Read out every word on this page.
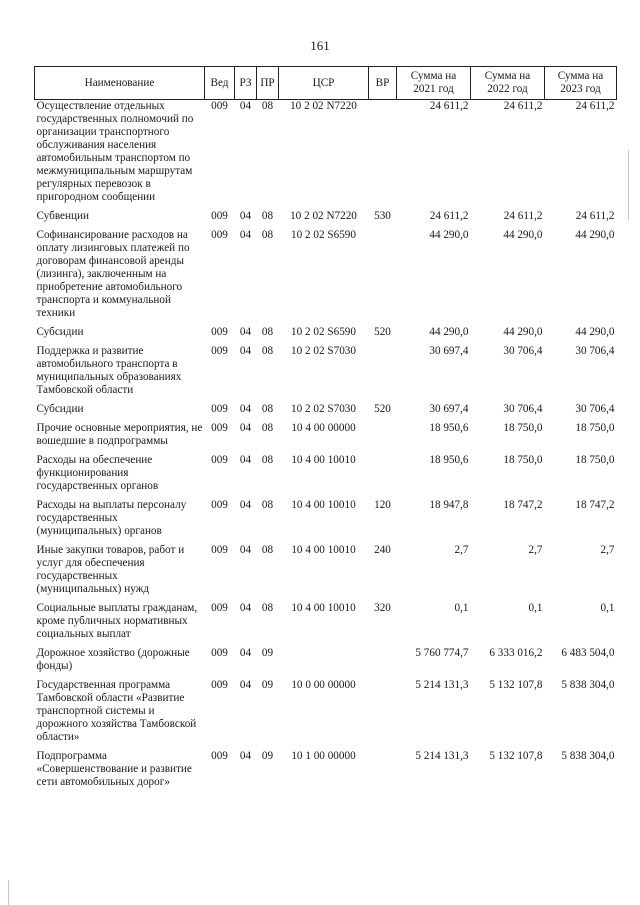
161
Наименование	Вед	РЗ	ПР	ЦСР	ВР	Сумма на 2021 год	Сумма на 2022 год	Сумма на 2023 год
Осуществление отдельных государственных полномочий по организации транспортного обслуживания населения автомобильным транспортом по межмуниципальным маршрутам регулярных перевозок в пригородном сообщении	009	04	08	10 2 02 N7220		24 611,2	24 611,2	24 611,2

Субвенции	009	04	08	10 2 02 N7220	530	24 611,2	24 611,2	24 611,2

Софинансирование расходов на оплату лизинговых платежей по договорам финансовой аренды (лизинга), заключенным на приобретение автомобильного транспорта и коммунальной техники	009	04	08	10 2 02 S6590		44 290,0	44 290,0	44 290,0

Субсидии	009	04	08	10 2 02 S6590	520	44 290,0	44 290,0	44 290,0

Поддержка и развитие автомобильного транспорта в муниципальных образованиях Тамбовской области	009	04	08	10 2 02 S7030		30 697,4	30 706,4	30 706,4

Субсидии	009	04	08	10 2 02 S7030	520	30 697,4	30 706,4	30 706,4

Прочие основные мероприятия, не вошедшие в подпрограммы	009	04	08	10 4 00 00000		18 950,6	18 750,0	18 750,0

Расходы на обеспечение функционирования государственных органов	009	04	08	10 4 00 10010		18 950,6	18 750,0	18 750,0

Расходы на выплаты персоналу государственных (муниципальных) органов	009	04	08	10 4 00 10010	120	18 947,8	18 747,2	18 747,2

Иные закупки товаров, работ и услуг для обеспечения государственных (муниципальных) нужд	009	04	08	10 4 00 10010	240	2,7	2,7	2,7

Социальные выплаты гражданам, кроме публичных нормативных социальных выплат	009	04	08	10 4 00 10010	320	0,1	0,1	0,1

Дорожное хозяйство (дорожные фонды)	009	04	09			5 760 774,7	6 333 016,2	6 483 504,0

Государственная программа Тамбовской области «Развитие транспортной системы и дорожного хозяйства Тамбовской области»	009	04	09	10 0 00 00000		5 214 131,3	5 132 107,8	5 838 304,0

Подпрограмма «Совершенствование и развитие сети автомобильных дорог»	009	04	09	10 1 00 00000		5 214 131,3	5 132 107,8	5 838 304,0
